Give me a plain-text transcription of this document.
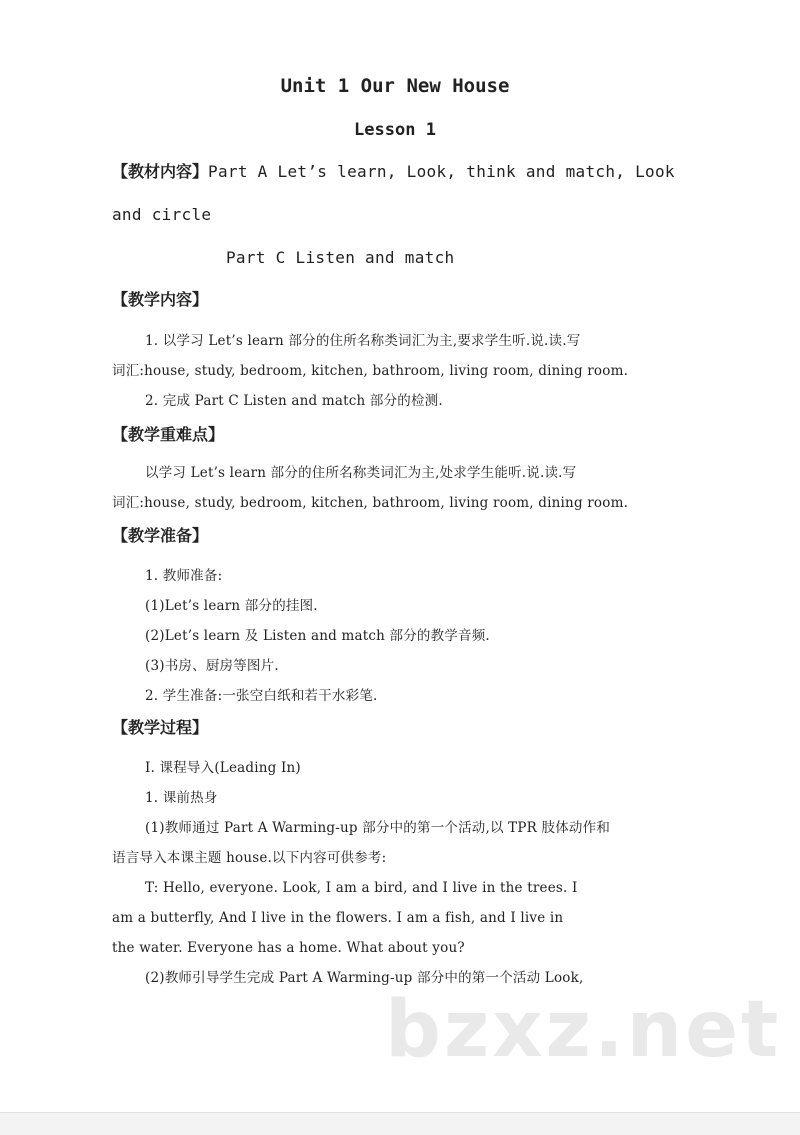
Unit 1 Our New House
Lesson 1
【教材内容】Part A Let’s learn, Look, think and match, Look
and circle
Part C Listen and match
【教学内容】
1. 以学习 Let’s learn 部分的住所名称类词汇为主,要求学生听.说.读.写
词汇:house, study, bedroom, kitchen, bathroom, living room, dining room.
2. 完成 Part C Listen and match 部分的检测.
【教学重难点】
以学习 Let’s learn 部分的住所名称类词汇为主,处求学生能听.说.读.写
词汇:house, study, bedroom, kitchen, bathroom, living room, dining room.
【教学准备】
1. 教师准备:
(1)Let’s learn 部分的挂图.
(2)Let’s learn 及 Listen and match 部分的教学音频.
(3)书房、厨房等图片.
2. 学生准备:一张空白纸和若干水彩笔.
【教学过程】
Ⅰ. 课程导入(Leading In)
1. 课前热身
(1)教师通过 Part A Warming-up 部分中的第一个活动,以 TPR 肢体动作和
语言导入本课主题 house.以下内容可供参考:
T: Hello, everyone. Look, I am a bird, and I live in the trees. I
am a butterfly, And I live in the flowers. I am a fish, and I live in
the water. Everyone has a home. What about you?
(2)教师引导学生完成 Part A Warming-up 部分中的第一个活动 Look,
bzxz.net
